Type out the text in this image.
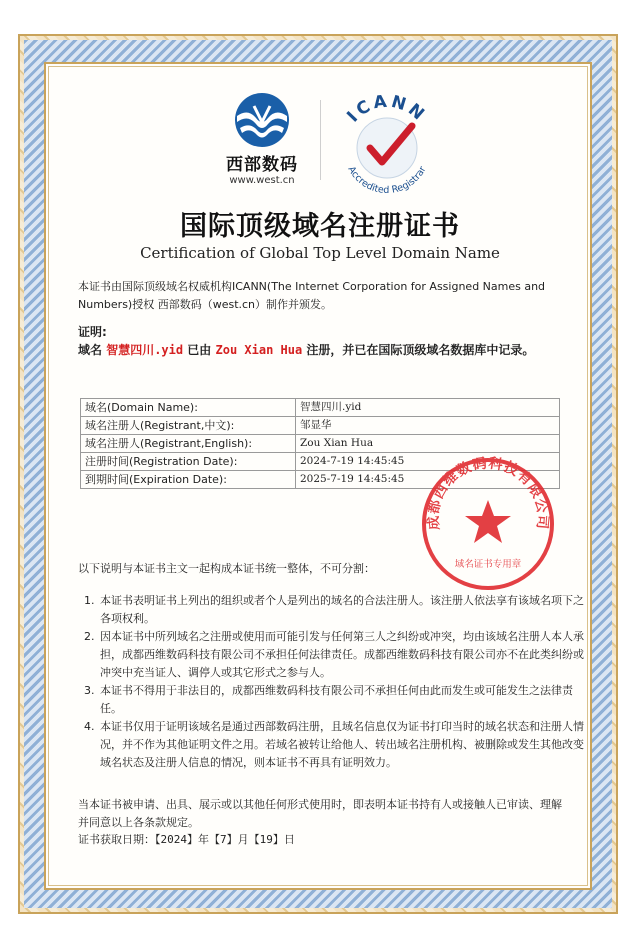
西部数码
www.west.cn
ICANN
Accredited Registrar
国际顶级域名注册证书
Certification of Global Top Level Domain Name
本证书由国际顶级域名权威机构ICANN(The Internet Corporation for Assigned Names and Numbers)授权 西部数码（west.cn）制作并颁发。
证明:
域名 智慧四川.yid 已由 Zou Xian Hua 注册，并已在国际顶级域名数据库中记录。
域名(Domain Name):	智慧四川.yid
域名注册人(Registrant,中文):	邹显华
域名注册人(Registrant,English):	Zou Xian Hua
注册时间(Registration Date):	2024-7-19 14:45:45
到期时间(Expiration Date):	2025-7-19 14:45:45
成都西维数码科技有限公司
域名证书专用章
以下说明与本证书主文一起构成本证书统一整体，不可分割：
1. 本证书表明证书上列出的组织或者个人是列出的域名的合法注册人。该注册人依法享有该域名项下之各项权利。
2. 因本证书中所列域名之注册或使用而可能引发与任何第三人之纠纷或冲突，均由该域名注册人本人承担，成都西维数码科技有限公司不承担任何法律责任。成都西维数码科技有限公司亦不在此类纠纷或冲突中充当证人、调停人或其它形式之参与人。
3. 本证书不得用于非法目的，成都西维数码科技有限公司不承担任何由此而发生或可能发生之法律责任。
4. 本证书仅用于证明该域名是通过西部数码注册，且域名信息仅为证书打印当时的域名状态和注册人情况，并不作为其他证明文件之用。若域名被转让给他人、转出域名注册机构、被删除或发生其他改变域名状态及注册人信息的情况，则本证书不再具有证明效力。
当本证书被申请、出具、展示或以其他任何形式使用时，即表明本证书持有人或接触人已审读、理解并同意以上各条款规定。
证书获取日期：【2024】年【7】月【19】日
